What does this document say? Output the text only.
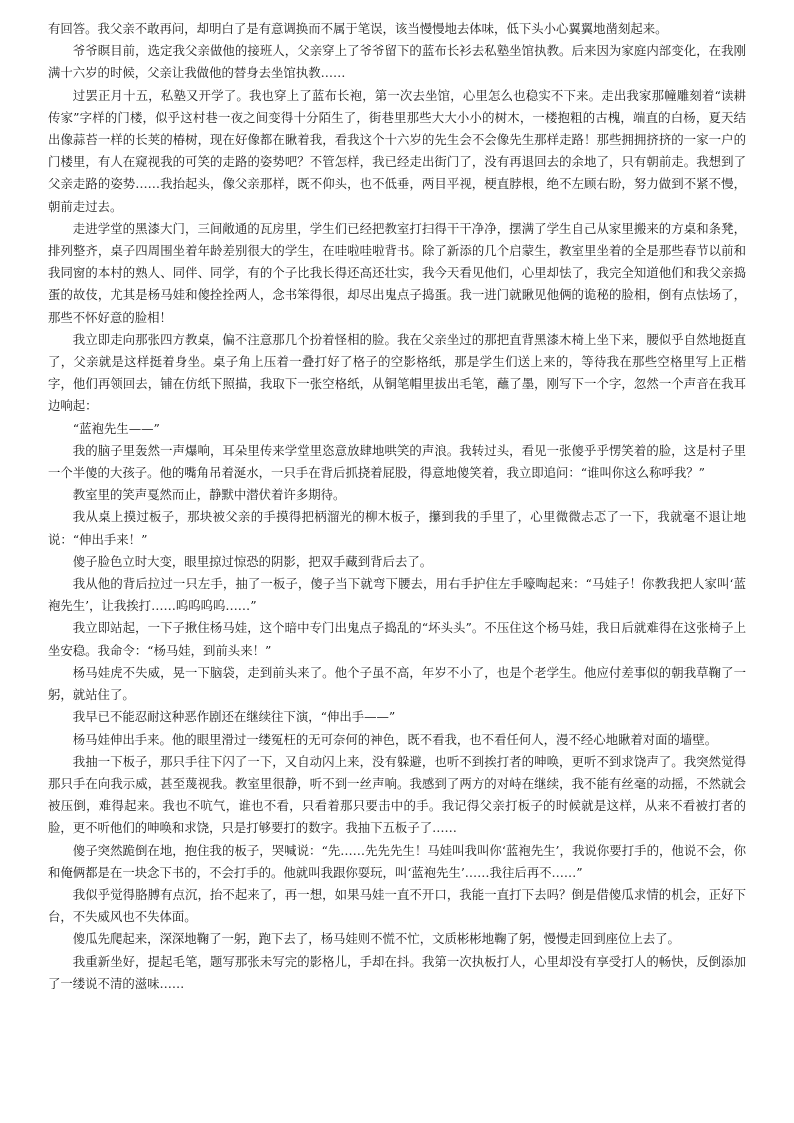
有回答。我父亲不敢再问，却明白了是有意调换而不属于笔误，该当慢慢地去体味，低下头小心翼翼地凿刻起来。

爷爷瞑目前，选定我父亲做他的接班人，父亲穿上了爷爷留下的蓝布长衫去私塾坐馆执教。后来因为家庭内部变化，在我刚满十六岁的时候，父亲让我做他的替身去坐馆执教……

过罢正月十五，私塾又开学了。我也穿上了蓝布长袍，第一次去坐馆，心里怎么也稳实不下来。走出我家那幢雕刻着“读耕传家”字样的门楼，似乎这村巷一夜之间变得十分陌生了，街巷里那些大大小小的树木，一楼抱粗的古槐，端直的白杨，夏天结出像蒜苔一样的长荚的椿树，现在好像都在瞅着我，看我这个十六岁的先生会不会像先生那样走路！那些拥拥挤挤的一家一户的门楼里，有人在窥视我的可笑的走路的姿势吧？不管怎样，我已经走出街门了，没有再退回去的余地了，只有朝前走。我想到了父亲走路的姿势……我抬起头，像父亲那样，既不仰头，也不低垂，两目平视，梗直脖根，绝不左顾右盼，努力做到不紧不慢，朝前走过去。

走进学堂的黑漆大门，三间敞通的瓦房里，学生们已经把教室打扫得干干净净，摆满了学生自己从家里搬来的方桌和条凳，排列整齐，桌子四周围坐着年龄差别很大的学生，在哇啦哇啦背书。除了新添的几个启蒙生，教室里坐着的全是那些春节以前和我同窗的本村的熟人、同伴、同学，有的个子比我长得还高还壮实，我今天看见他们，心里却怯了，我完全知道他们和我父亲捣蛋的故伎，尤其是杨马娃和傻拴拴两人，念书笨得很，却尽出鬼点子捣蛋。我一进门就瞅见他俩的诡秘的脸相，倒有点怯场了，那些不怀好意的脸相！

我立即走向那张四方教桌，偏不注意那几个扮着怪相的脸。我在父亲坐过的那把直背黑漆木椅上坐下来，腰似乎自然地挺直了，父亲就是这样挺着身坐。桌子角上压着一叠打好了格子的空影格纸，那是学生们送上来的，等待我在那些空格里写上正楷字，他们再领回去，铺在仿纸下照描，我取下一张空格纸，从铜笔帽里拔出毛笔，蘸了墨，刚写下一个字，忽然一个声音在我耳边响起：

“蓝袍先生——”

我的脑子里轰然一声爆响，耳朵里传来学堂里恣意放肆地哄笑的声浪。我转过头，看见一张傻乎乎愣笑着的脸，这是村子里一个半傻的大孩子。他的嘴角吊着涎水，一只手在背后抓挠着屁股，得意地傻笑着，我立即追问：“谁叫你这么称呼我？”

教室里的笑声戛然而止，静默中潜伏着许多期待。

我从桌上摸过板子，那块被父亲的手摸得把柄溜光的柳木板子，攥到我的手里了，心里微微忐忑了一下，我就毫不退让地说：“伸出手来！”

傻子脸色立时大变，眼里掠过惊恐的阴影，把双手藏到背后去了。

我从他的背后拉过一只左手，抽了一板子，傻子当下就弯下腰去，用右手护住左手嚎啕起来：“马娃子！你教我把人家叫‘蓝袍先生’，让我挨打……呜呜呜呜……”

我立即站起，一下子揪住杨马娃，这个暗中专门出鬼点子捣乱的“坏头头”。不压住这个杨马娃，我日后就难得在这张椅子上坐安稳。我命令：“杨马娃，到前头来！”

杨马娃虎不失威，晃一下脑袋，走到前头来了。他个子虽不高，年岁不小了，也是个老学生。他应付差事似的朝我草鞠了一躬，就站住了。

我早已不能忍耐这种恶作剧还在继续往下演，“伸出手——”

杨马娃伸出手来。他的眼里滑过一缕冤枉的无可奈何的神色，既不看我，也不看任何人，漫不经心地瞅着对面的墙壁。

我抽一下板子，那只手往下闪了一下，又自动闪上来，没有躲避，也听不到挨打者的呻唤，更听不到求饶声了。我突然觉得那只手在向我示威，甚至蔑视我。教室里很静，听不到一丝声响。我感到了两方的对峙在继续，我不能有丝毫的动摇，不然就会被压倒，难得起来。我也不吭气，谁也不看，只看着那只要击中的手。我记得父亲打板子的时候就是这样，从来不看被打者的脸，更不听他们的呻唤和求饶，只是打够要打的数字。我抽下五板子了……

傻子突然跪倒在地，抱住我的板子，哭喊说：“先……先先先生！马娃叫我叫你‘蓝袍先生’，我说你要打手的，他说不会，你和俺俩都是在一块念下书的，不会打手的。他就叫我跟你耍玩，叫‘蓝袍先生’……我往后再不……”

我似乎觉得胳膊有点沉，抬不起来了，再一想，如果马娃一直不开口，我能一直打下去吗？倒是借傻瓜求情的机会，正好下台，不失威风也不失体面。

傻瓜先爬起来，深深地鞠了一躬，跑下去了，杨马娃则不慌不忙，文质彬彬地鞠了躬，慢慢走回到座位上去了。

我重新坐好，提起毛笔，题写那张未写完的影格儿，手却在抖。我第一次执板打人，心里却没有享受打人的畅快，反倒添加了一缕说不清的滋味……
